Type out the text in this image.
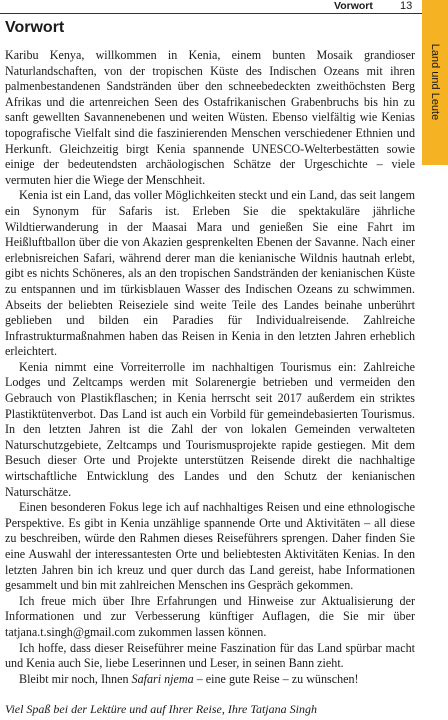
Vorwort 13
Land und Leute
Vorwort

Karibu Kenya, willkommen in Kenia, einem bunten Mosaik grandioser Naturlandschaften, von der tropischen Küste des Indischen Ozeans mit ihren palmenbestandenen Sandstränden über den schneebedeckten zweithöchsten Berg Afrikas und die artenreichen Seen des Ostafrikanischen Grabenbruchs bis hin zu sanft gewellten Savannenebenen und weiten Wüsten. Ebenso vielfältig wie Kenias topografische Vielfalt sind die faszinierenden Menschen verschiedener Ethnien und Herkunft. Gleichzeitig birgt Kenia spannende UNESCO-Welterbestätten sowie einige der bedeutendsten archäologischen Schätze der Urgeschichte – viele vermuten hier die Wiege der Menschheit.

Kenia ist ein Land, das voller Möglichkeiten steckt und ein Land, das seit langem ein Synonym für Safaris ist. Erleben Sie die spektakuläre jährliche Wildtierwanderung in der Maasai Mara und genießen Sie eine Fahrt im Heißluftballon über die von Akazien gesprenkelten Ebenen der Savanne. Nach einer erlebnisreichen Safari, während derer man die kenianische Wildnis hautnah erlebt, gibt es nichts Schöneres, als an den tropischen Sandstränden der kenianischen Küste zu entspannen und im türkisblauen Wasser des Indischen Ozeans zu schwimmen. Abseits der beliebten Reiseziele sind weite Teile des Landes beinahe unberührt geblieben und bilden ein Paradies für Individualreisende. Zahlreiche Infrastrukturmaßnahmen haben das Reisen in Kenia in den letzten Jahren erheblich erleichtert.

Kenia nimmt eine Vorreiterrolle im nachhaltigen Tourismus ein: Zahlreiche Lodges und Zeltcamps werden mit Solarenergie betrieben und vermeiden den Gebrauch von Plastikflaschen; in Kenia herrscht seit 2017 außerdem ein striktes Plastiktütenverbot. Das Land ist auch ein Vorbild für gemeindebasierten Tourismus. In den letzten Jahren ist die Zahl der von lokalen Gemeinden verwalteten Naturschutzgebiete, Zeltcamps und Tourismusprojekte rapide gestiegen. Mit dem Besuch dieser Orte und Projekte unterstützen Reisende direkt die nachhaltige wirtschaftliche Entwicklung des Landes und den Schutz der kenianischen Naturschätze.

Einen besonderen Fokus lege ich auf nachhaltiges Reisen und eine ethnologische Perspektive. Es gibt in Kenia unzählige spannende Orte und Aktivitäten – all diese zu beschreiben, würde den Rahmen dieses Reiseführers sprengen. Daher finden Sie eine Auswahl der interessantesten Orte und beliebtesten Aktivitäten Kenias. In den letzten Jahren bin ich kreuz und quer durch das Land gereist, habe Informationen gesammelt und bin mit zahlreichen Menschen ins Gespräch gekommen.

Ich freue mich über Ihre Erfahrungen und Hinweise zur Aktualisierung der Informationen und zur Verbesserung künftiger Auflagen, die Sie mir über tatjana.t.singh@gmail.com zukommen lassen können.

Ich hoffe, dass dieser Reiseführer meine Faszination für das Land spürbar macht und Kenia auch Sie, liebe Leserinnen und Leser, in seinen Bann zieht.

Bleibt mir noch, Ihnen Safari njema – eine gute Reise – zu wünschen!

Viel Spaß bei der Lektüre und auf Ihrer Reise, Ihre Tatjana Singh
